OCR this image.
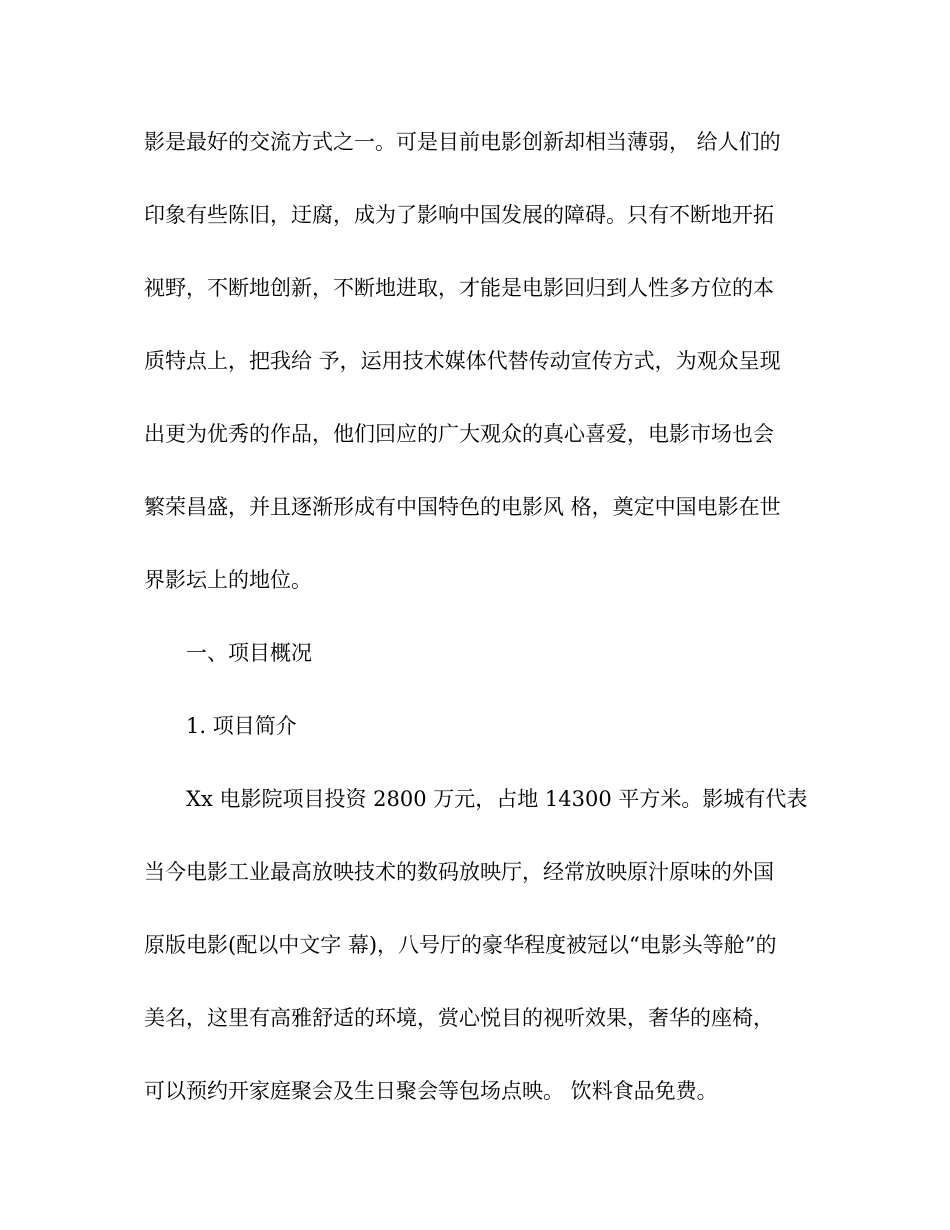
影是最好的交流方式之一。可是目前电影创新却相当薄弱， 给人们的
印象有些陈旧，迂腐，成为了影响中国发展的障碍。只有不断地开拓
视野，不断地创新，不断地进取，才能是电影回归到人性多方位的本
质特点上，把我给 予，运用技术媒体代替传动宣传方式，为观众呈现
出更为优秀的作品，他们回应的广大观众的真心喜爱，电影市场也会
繁荣昌盛，并且逐渐形成有中国特色的电影风 格，奠定中国电影在世
界影坛上的地位。
一、项目概况
1. 项目简介
Xx 电影院项目投资 2800 万元，占地 14300 平方米。影城有代表
当今电影工业最高放映技术的数码放映厅，经常放映原汁原味的外国
原版电影(配以中文字 幕)，八号厅的豪华程度被冠以“电影头等舱”的
美名，这里有高雅舒适的环境，赏心悦目的视听效果，奢华的座椅，
可以预约开家庭聚会及生日聚会等包场点映。 饮料食品免费。
